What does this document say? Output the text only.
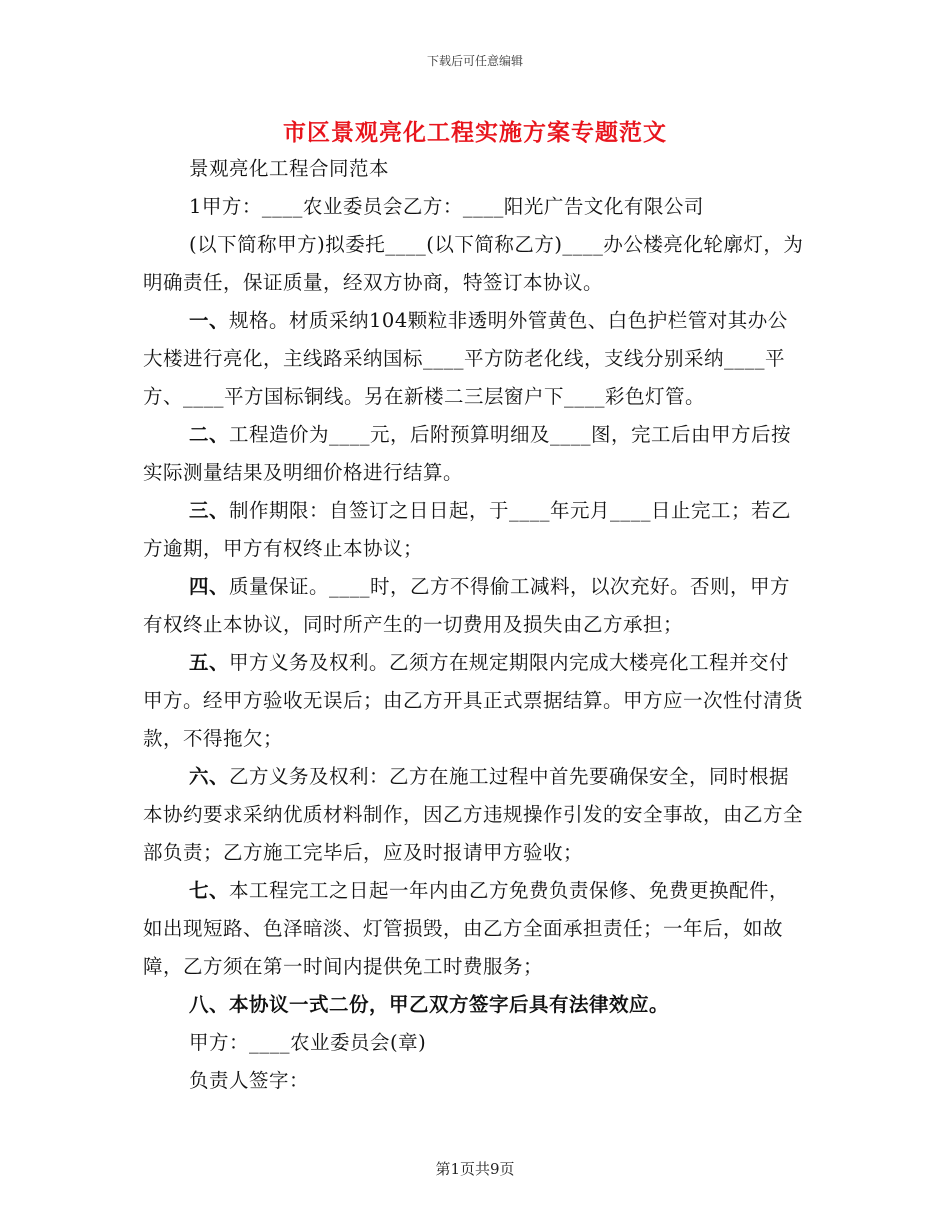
下载后可任意编辑
市区景观亮化工程实施方案专题范文

景观亮化工程合同范本

1甲方：____农业委员会乙方：____阳光广告文化有限公司

(以下简称甲方)拟委托____(以下简称乙方)____办公楼亮化轮廓灯，为明确责任，保证质量，经双方协商，特签订本协议。

一、规格。材质采纳104颗粒非透明外管黄色、白色护栏管对其办公大楼进行亮化，主线路采纳国标____平方防老化线，支线分别采纳____平方、____平方国标铜线。另在新楼二三层窗户下____彩色灯管。

二、工程造价为____元，后附预算明细及____图，完工后由甲方后按实际测量结果及明细价格进行结算。

三、制作期限：自签订之日日起，于____年元月____日止完工；若乙方逾期，甲方有权终止本协议；

四、质量保证。____时，乙方不得偷工减料，以次充好。否则，甲方有权终止本协议，同时所产生的一切费用及损失由乙方承担；

五、甲方义务及权利。乙须方在规定期限内完成大楼亮化工程并交付甲方。经甲方验收无误后；由乙方开具正式票据结算。甲方应一次性付清货款，不得拖欠；

六、乙方义务及权利：乙方在施工过程中首先要确保安全，同时根据本协约要求采纳优质材料制作，因乙方违规操作引发的安全事故，由乙方全部负责；乙方施工完毕后，应及时报请甲方验收；

七、本工程完工之日起一年内由乙方免费负责保修、免费更换配件，如出现短路、色泽暗淡、灯管损毁，由乙方全面承担责任；一年后，如故障，乙方须在第一时间内提供免工时费服务；

八、本协议一式二份，甲乙双方签字后具有法律效应。

甲方：____农业委员会(章)

负责人签字：

第1页共9页
